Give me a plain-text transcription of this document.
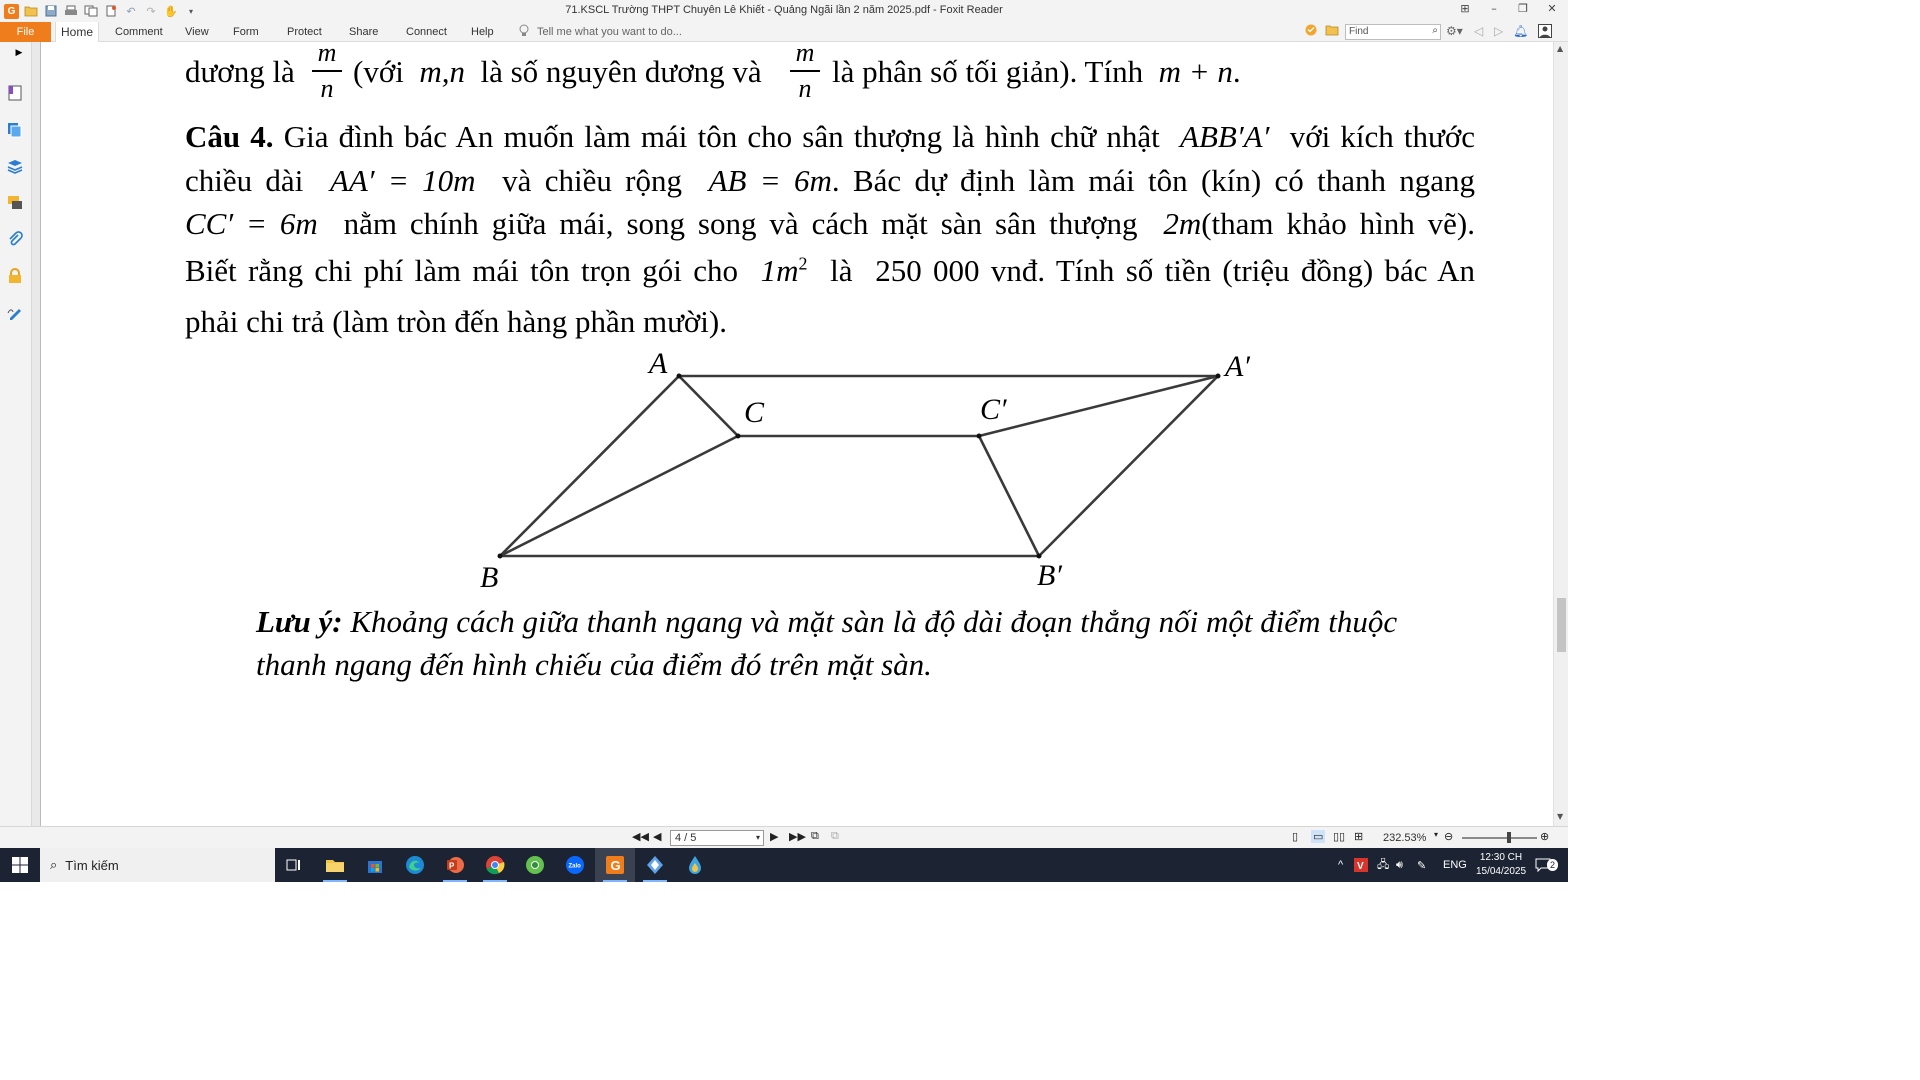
G	↶ ↷ ✋	▾	71.KSCL Trường THPT Chuyên Lê Khiết - Quảng Ngãi lần 2 năm 2025.pdf - Foxit Reader	⊞	–	❐	✕
File	Home	Comment View Form	Protect Share	Connect Help	Tell me what you want to do...	Find	⌕ ⚙▾ ◁ ▷ 🔔︎
▶
dương là
m
n (với m,n là số nguyên dương và
m
n là phân số tối giản). Tính m + n.
Câu 4. Gia đình bác An muốn làm mái tôn cho sân thượng là hình chữ nhật ABB′A′ với kích thước
chiều dài AA′ = 10m và chiều rộng AB = 6m. Bác dự định làm mái tôn (kín) có thanh ngang
CC′ = 6m nằm chính giữa mái, song song và cách mặt sàn sân thượng 2m(tham khảo hình vẽ).
Biết rằng chi phí làm mái tôn trọn gói cho $1m^2$ là 250 000 vnđ. Tính số tiền (triệu đồng) bác An
phải chi trả (làm tròn đến hàng phần mười).
A	A′
C	C′
B	B′
Lưu ý: Khoảng cách giữa thanh ngang và mặt sàn là độ dài đoạn thẳng nối một điểm thuộc
thanh ngang đến hình chiếu của điểm đó trên mặt sàn.
▲
▼
◀◀ ◀	4 / 5	▾ ▶ ▶▶ ⧉ ⧉	▯ ▭ ▯▯ ⊞ 232.53% ▾ ⊖	⊕
⌕ Tìm kiếm	P	Zalo G	^ V 🖧︎ 🔊︎ ✎ ENG
12:30 CH
15/04/2025
2
